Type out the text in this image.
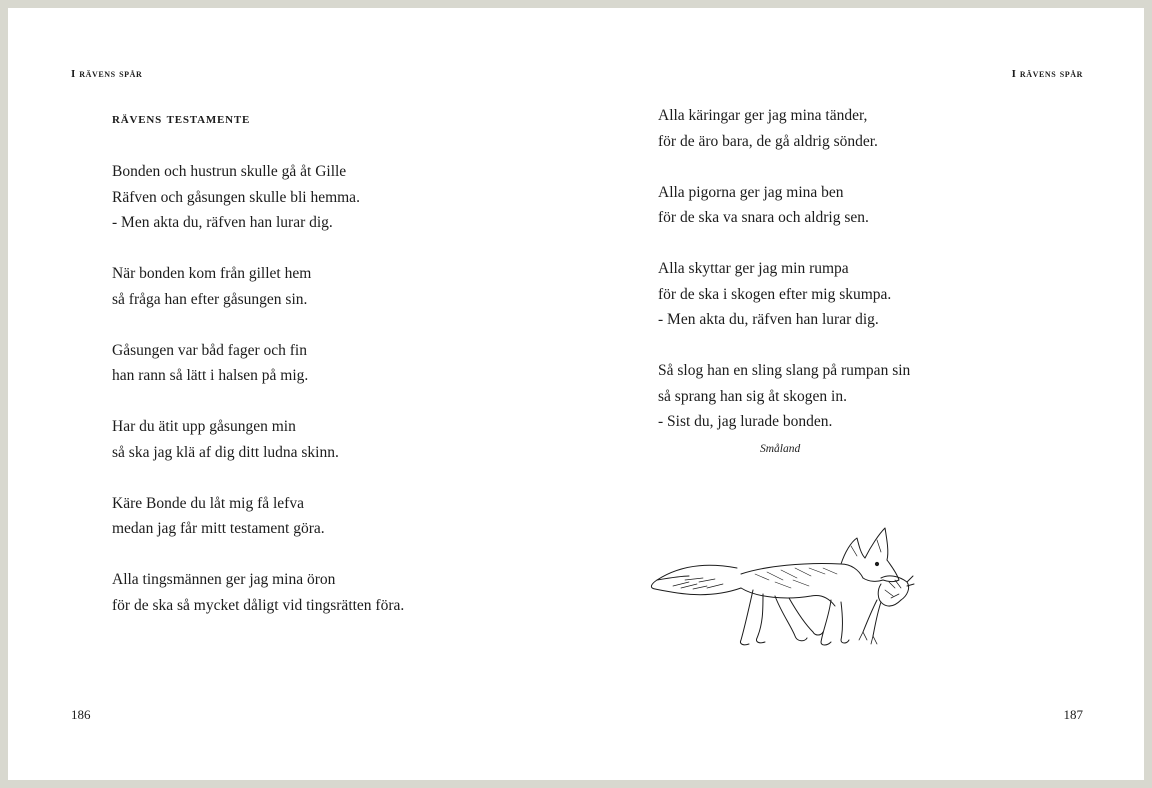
I rävens spår	I rävens spår
rävens testamente
Bonden och hustrun skulle gå åt Gille
Räfven och gåsungen skulle bli hemma.
- Men akta du, räfven han lurar dig.
När bonden kom från gillet hem
så fråga han efter gåsungen sin.
Gåsungen var båd fager och fin
han rann så lätt i halsen på mig.
Har du ätit upp gåsungen min
så ska jag klä af dig ditt ludna skinn.
Käre Bonde du låt mig få lefva
medan jag får mitt testament göra.
Alla tingsmännen ger jag mina öron
för de ska så mycket dåligt vid tingsrätten föra.
Alla käringar ger jag mina tänder,
för de äro bara, de gå aldrig sönder.
Alla pigorna ger jag mina ben
för de ska va snara och aldrig sen.
Alla skyttar ger jag min rumpa
för de ska i skogen efter mig skumpa.
- Men akta du, räfven han lurar dig.
Så slog han en sling slang på rumpan sin
så sprang han sig åt skogen in.
- Sist du, jag lurade bonden.
Småland
186	187
